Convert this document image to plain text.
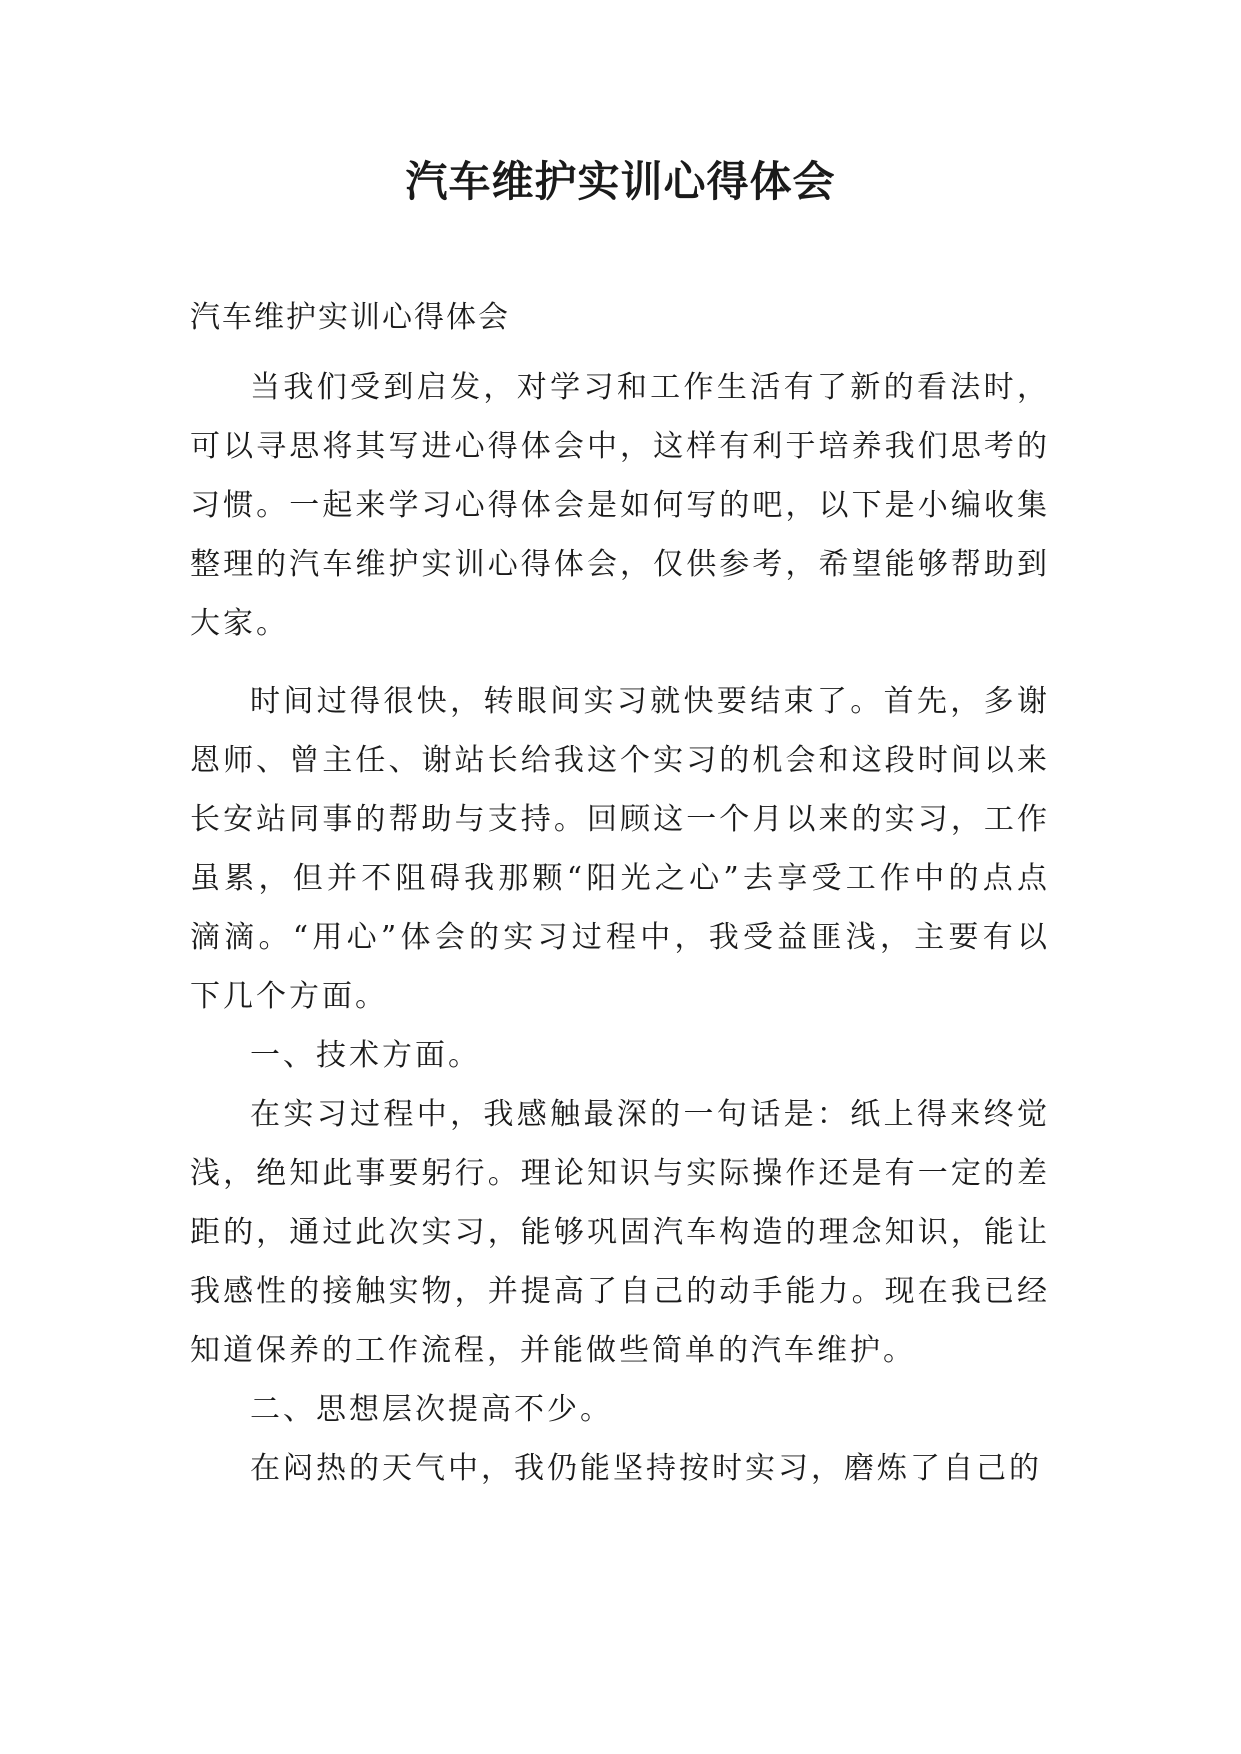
汽车维护实训心得体会

汽车维护实训心得体会

当我们受到启发，对学习和工作生活有了新的看法时，可以寻思将其写进心得体会中，这样有利于培养我们思考的习惯。一起来学习心得体会是如何写的吧，以下是小编收集整理的汽车维护实训心得体会，仅供参考，希望能够帮助到大家。

时间过得很快，转眼间实习就快要结束了。首先，多谢恩师、曾主任、谢站长给我这个实习的机会和这段时间以来长安站同事的帮助与支持。回顾这一个月以来的实习，工作虽累，但并不阻碍我那颗“阳光之心”去享受工作中的点点滴滴。“用心”体会的实习过程中，我受益匪浅，主要有以下几个方面。

一、技术方面。

在实习过程中，我感触最深的一句话是：纸上得来终觉浅，绝知此事要躬行。理论知识与实际操作还是有一定的差距的，通过此次实习，能够巩固汽车构造的理念知识，能让我感性的接触实物，并提高了自己的动手能力。现在我已经知道保养的工作流程，并能做些简单的汽车维护。

二、思想层次提高不少。

在闷热的天气中，我仍能坚持按时实习，磨炼了自己的
